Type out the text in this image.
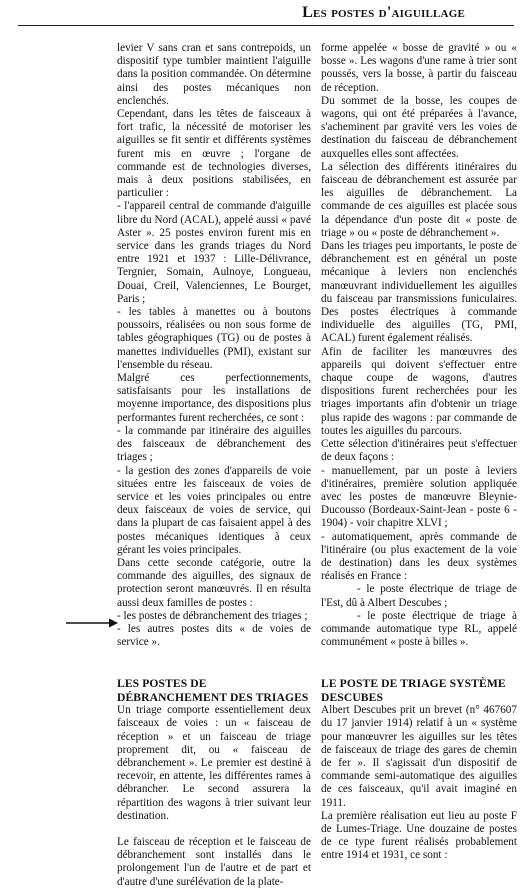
Les postes d'aiguillage

levier V sans cran et sans contrepoids, un dispositif type tumbler maintient l'aiguille dans la position commandée. On détermine ainsi des postes mécaniques non enclenchés.

Cependant, dans les têtes de faisceaux à fort trafic, la nécessité de motoriser les aiguilles se fit sentir et différents systèmes furent mis en œuvre ; l'organe de commande est de technologies diverses, mais à deux positions stabilisées, en particulier :

- l'appareil central de commande d'aiguille libre du Nord (ACAL), appelé aussi « pavé Aster ». 25 postes environ furent mis en service dans les grands triages du Nord entre 1921 et 1937 : Lille-Délivrance, Tergnier, Somain, Aulnoye, Longueau, Douai, Creil, Valenciennes, Le Bourget, Paris ;

- les tables à manettes ou à boutons poussoirs, réalisées ou non sous forme de tables géographiques (TG) ou de postes à manettes individuelles (PMI), existant sur l'ensemble du réseau.

Malgré ces perfectionnements, satisfaisants pour les installations de moyenne importance, des dispositions plus performantes furent recherchées, ce sont :

- la commande par itinéraire des aiguilles des faisceaux de débranchement des triages ;

- la gestion des zones d'appareils de voie situées entre les faisceaux de voies de service et les voies principales ou entre deux faisceaux de voies de service, qui dans la plupart de cas faisaient appel à des postes mécaniques identiques à ceux gérant les voies principales.

Dans cette seconde catégorie, outre la commande des aiguilles, des signaux de protection seront manœuvrés. Il en résulta aussi deux familles de postes :

- les postes de débranchement des triages ;

- les autres postes dits « de voies de service ».

LES POSTES DE DÉBRANCHEMENT DES TRIAGES

Un triage comporte essentiellement deux faisceaux de voies : un « faisceau de réception » et un faisceau de triage proprement dit, ou « faisceau de débranchement ». Le premier est destiné à recevoir, en attente, les différentes rames à débrancher. Le second assurera la répartition des wagons à trier suivant leur destination.

Le faisceau de réception et le faisceau de débranchement sont installés dans le prolongement l'un de l'autre et de part et d'autre d'une surélévation de la plate-

forme appelée « bosse de gravité » ou « bosse ». Les wagons d'une rame à trier sont poussés, vers la bosse, à partir du faisceau de réception.

Du sommet de la bosse, les coupes de wagons, qui ont été préparées à l'avance, s'acheminent par gravité vers les voies de destination du faisceau de débranchement auxquelles elles sont affectées.

La sélection des différents itinéraires du faisceau de débranchement est assurée par les aiguilles de débranchement. La commande de ces aiguilles est placée sous la dépendance d'un poste dit « poste de triage » ou « poste de débranchement ».

Dans les triages peu importants, le poste de débranchement est en général un poste mécanique à leviers non enclenchés manœuvrant individuellement les aiguilles du faisceau par transmissions funiculaires. Des postes électriques à commande individuelle des aiguilles (TG, PMI, ACAL) furent également réalisés.

Afin de faciliter les manœuvres des appareils qui doivent s'effectuer entre chaque coupe de wagons, d'autres dispositions furent recherchées pour les triages importants afin d'obtenir un triage plus rapide des wagons : par commande de toutes les aiguilles du parcours.

Cette sélection d'itinéraires peut s'effectuer de deux façons :

- manuellement, par un poste à leviers d'itinéraires, première solution appliquée avec les postes de manœuvre Bleynie-Ducousso (Bordeaux-Saint-Jean - poste 6 - 1904) - voir chapitre XLVI ;

- automatiquement, après commande de l'itinéraire (ou plus exactement de la voie de destination) dans les deux systèmes réalisés en France :

- le poste électrique de triage de l'Est, dû à Albert Descubes ;

- le poste électrique de triage à commande automatique type RL, appelé communément « poste à billes ».

LE POSTE DE TRIAGE SYSTÈME DESCUBES

Albert Descubes prit un brevet (n° 467607 du 17 janvier 1914) relatif à un « système pour manœuvrer les aiguilles sur les têtes de faisceaux de triage des gares de chemin de fer ». Il s'agissait d'un dispositif de commande semi-automatique des aiguilles de ces faisceaux, qu'il avait imaginé en 1911.

La première réalisation eut lieu au poste F de Lumes-Triage. Une douzaine de postes de ce type furent réalisés probablement entre 1914 et 1931, ce sont :
